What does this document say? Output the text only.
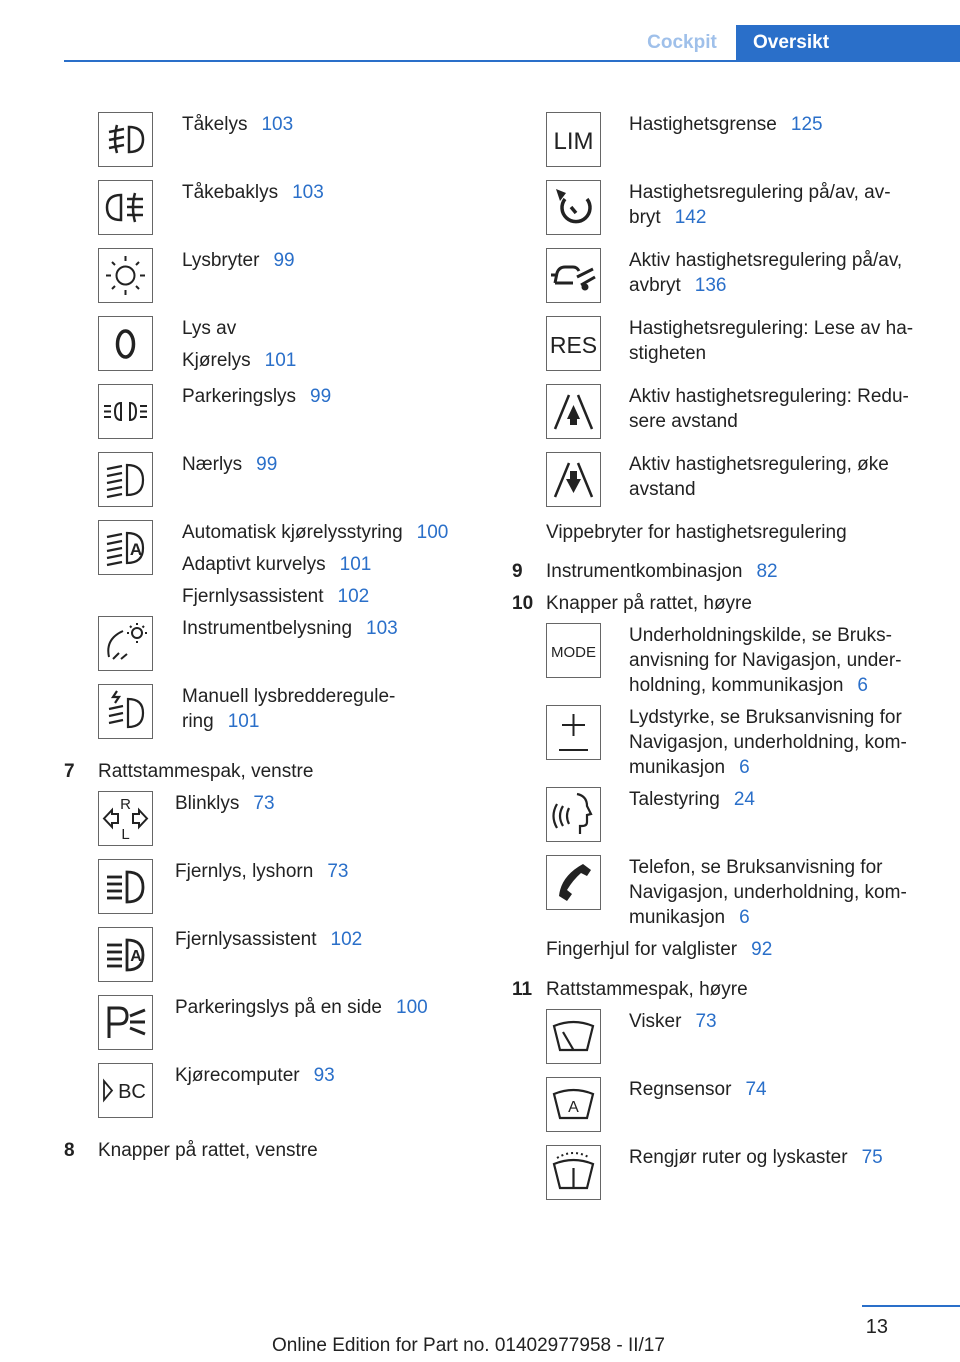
Cockpit	Oversikt
Tåkelys 103
Tåkebaklys 103
Lysbryter 99
Lys av
Kjørelys 101
Parkeringslys 99
Nærlys 99
A
Automatisk kjørelysstyring 100
Adaptivt kurvelys 101
Fjernlysassistent 102
Instrumentbelysning 103
Manuell lysbredderegule-
ring 101
7 Rattstammespak, venstre
R
L
Blinklys 73
Fjernlys, lyshorn 73
A
Fjernlysassistent 102
Parkeringslys på en side 100
BC
Kjørecomputer 93
8 Knapper på rattet, venstre
LIM
Hastighetsgrense 125
Hastighetsregulering på/av, av-
bryt 142
Aktiv hastighetsregulering på/av,
avbryt 136
RES
Hastighetsregulering: Lese av ha-
stigheten
Aktiv hastighetsregulering: Redu-
sere avstand
Aktiv hastighetsregulering, øke
avstand
Vippebryter for hastighetsregulering
9 Instrumentkombinasjon 82
10 Knapper på rattet, høyre
MODE
Underholdningskilde, se Bruks-
anvisning for Navigasjon, under-
holdning, kommunikasjon 6
Lydstyrke, se Bruksanvisning for
Navigasjon, underholdning, kom-
munikasjon 6
Talestyring 24
Telefon, se Bruksanvisning for
Navigasjon, underholdning, kom-
munikasjon 6
Fingerhjul for valglister 92
11 Rattstammespak, høyre
Visker 73
A
Regnsensor 74
Rengjør ruter og lyskaster 75
13
Online Edition for Part no. 01402977958 - II/17
